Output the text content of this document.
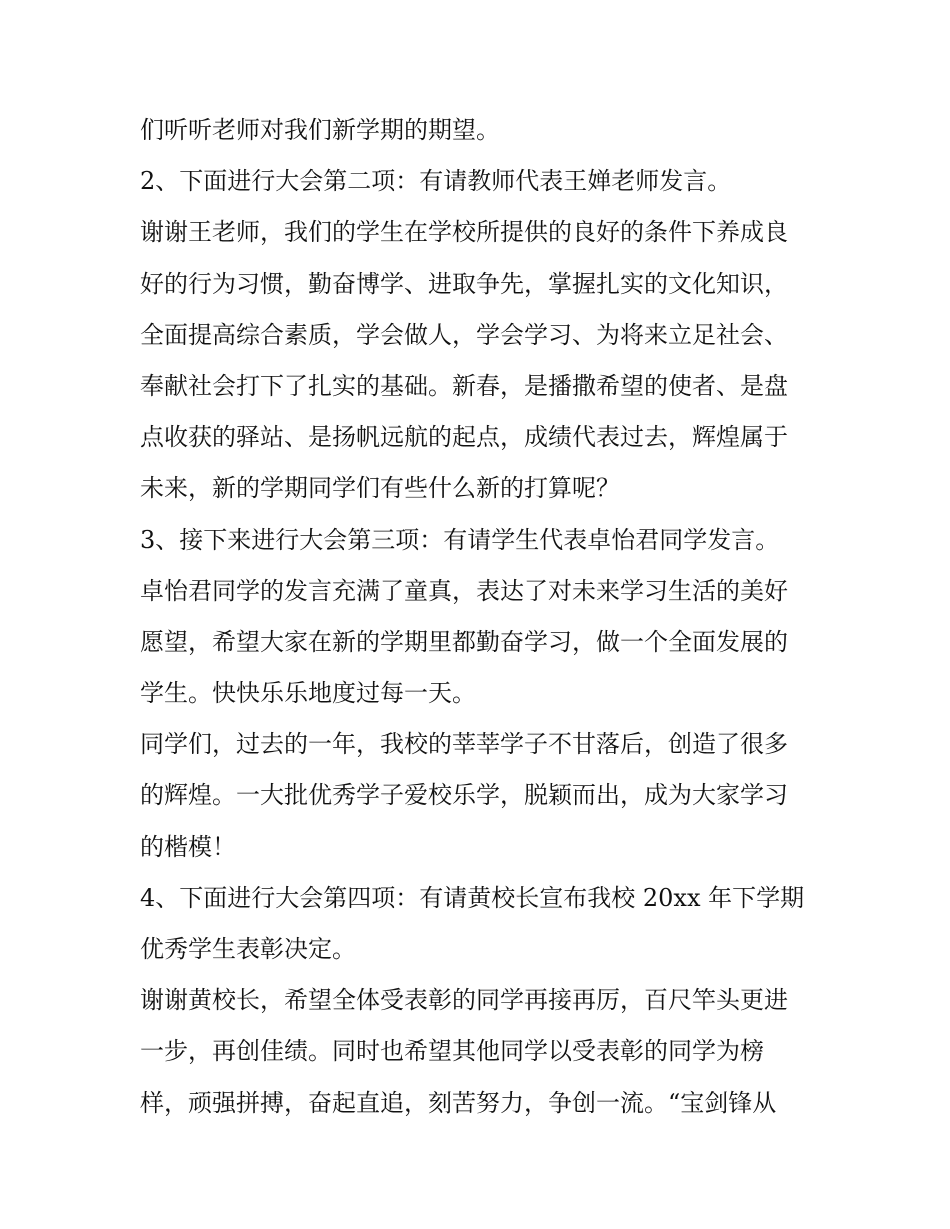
们听听老师对我们新学期的期望。
2、下面进行大会第二项：有请教师代表王婵老师发言。
谢谢王老师，我们的学生在学校所提供的良好的条件下养成良
好的行为习惯，勤奋博学、进取争先，掌握扎实的文化知识，
全面提高综合素质，学会做人，学会学习、为将来立足社会、
奉献社会打下了扎实的基础。新春，是播撒希望的使者、是盘
点收获的驿站、是扬帆远航的起点，成绩代表过去，辉煌属于
未来，新的学期同学们有些什么新的打算呢？
3、接下来进行大会第三项：有请学生代表卓怡君同学发言。
卓怡君同学的发言充满了童真，表达了对未来学习生活的美好
愿望，希望大家在新的学期里都勤奋学习，做一个全面发展的
学生。快快乐乐地度过每一天。
同学们，过去的一年，我校的莘莘学子不甘落后，创造了很多
的辉煌。一大批优秀学子爱校乐学，脱颖而出，成为大家学习
的楷模！
4、下面进行大会第四项：有请黄校长宣布我校 20xx 年下学期
优秀学生表彰决定。
谢谢黄校长，希望全体受表彰的同学再接再厉，百尺竿头更进
一步，再创佳绩。同时也希望其他同学以受表彰的同学为榜
样，顽强拼搏，奋起直追，刻苦努力，争创一流。“宝剑锋从
